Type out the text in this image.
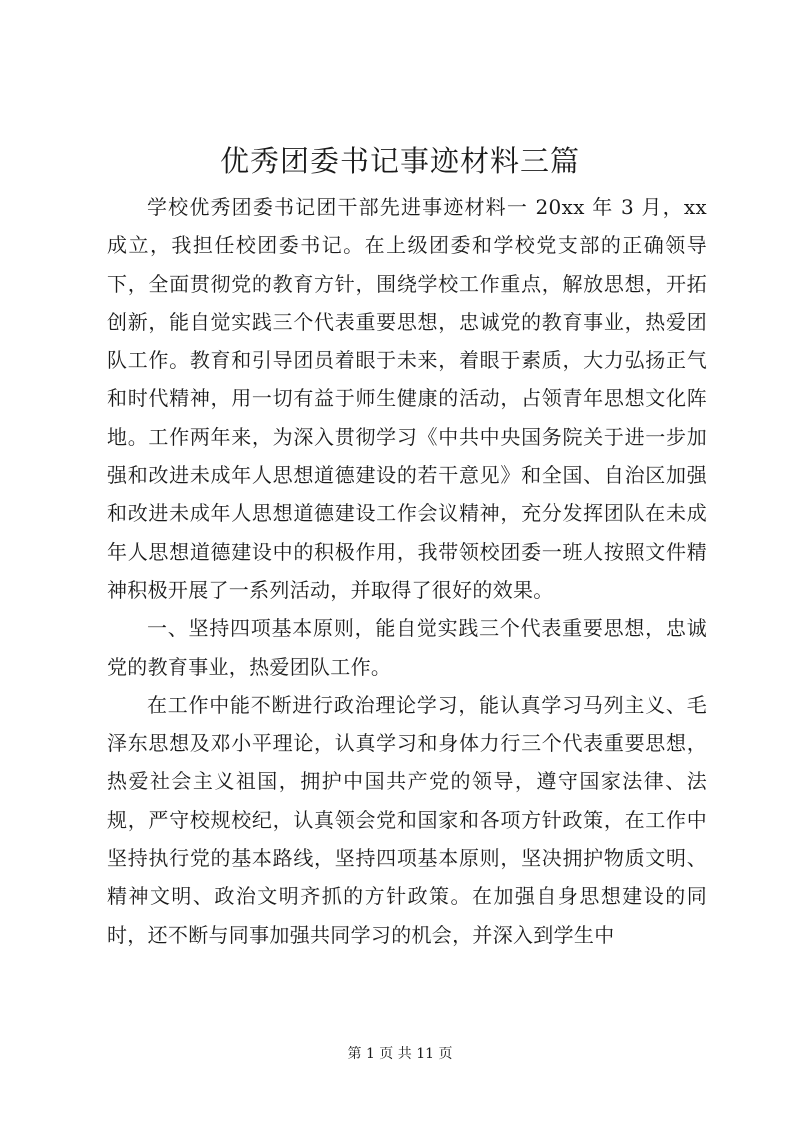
优秀团委书记事迹材料三篇

学校优秀团委书记团干部先进事迹材料一 20xx 年 3 月，xx 成立，我担任校团委书记。在上级团委和学校党支部的正确领导下，全面贯彻党的教育方针，围绕学校工作重点，解放思想，开拓创新，能自觉实践三个代表重要思想，忠诚党的教育事业，热爱团队工作。教育和引导团员着眼于未来，着眼于素质，大力弘扬正气和时代精神，用一切有益于师生健康的活动，占领青年思想文化阵地。工作两年来，为深入贯彻学习《中共中央国务院关于进一步加强和改进未成年人思想道德建设的若干意见》和全国、自治区加强和改进未成年人思想道德建设工作会议精神，充分发挥团队在未成年人思想道德建设中的积极作用，我带领校团委一班人按照文件精神积极开展了一系列活动，并取得了很好的效果。

一、坚持四项基本原则，能自觉实践三个代表重要思想，忠诚党的教育事业，热爱团队工作。

在工作中能不断进行政治理论学习，能认真学习马列主义、毛泽东思想及邓小平理论，认真学习和身体力行三个代表重要思想，热爱社会主义祖国，拥护中国共产党的领导，遵守国家法律、法规，严守校规校纪，认真领会党和国家和各项方针政策，在工作中坚持执行党的基本路线，坚持四项基本原则，坚决拥护物质文明、精神文明、政治文明齐抓的方针政策。在加强自身思想建设的同时，还不断与同事加强共同学习的机会，并深入到学生中

第 1 页 共 11 页
